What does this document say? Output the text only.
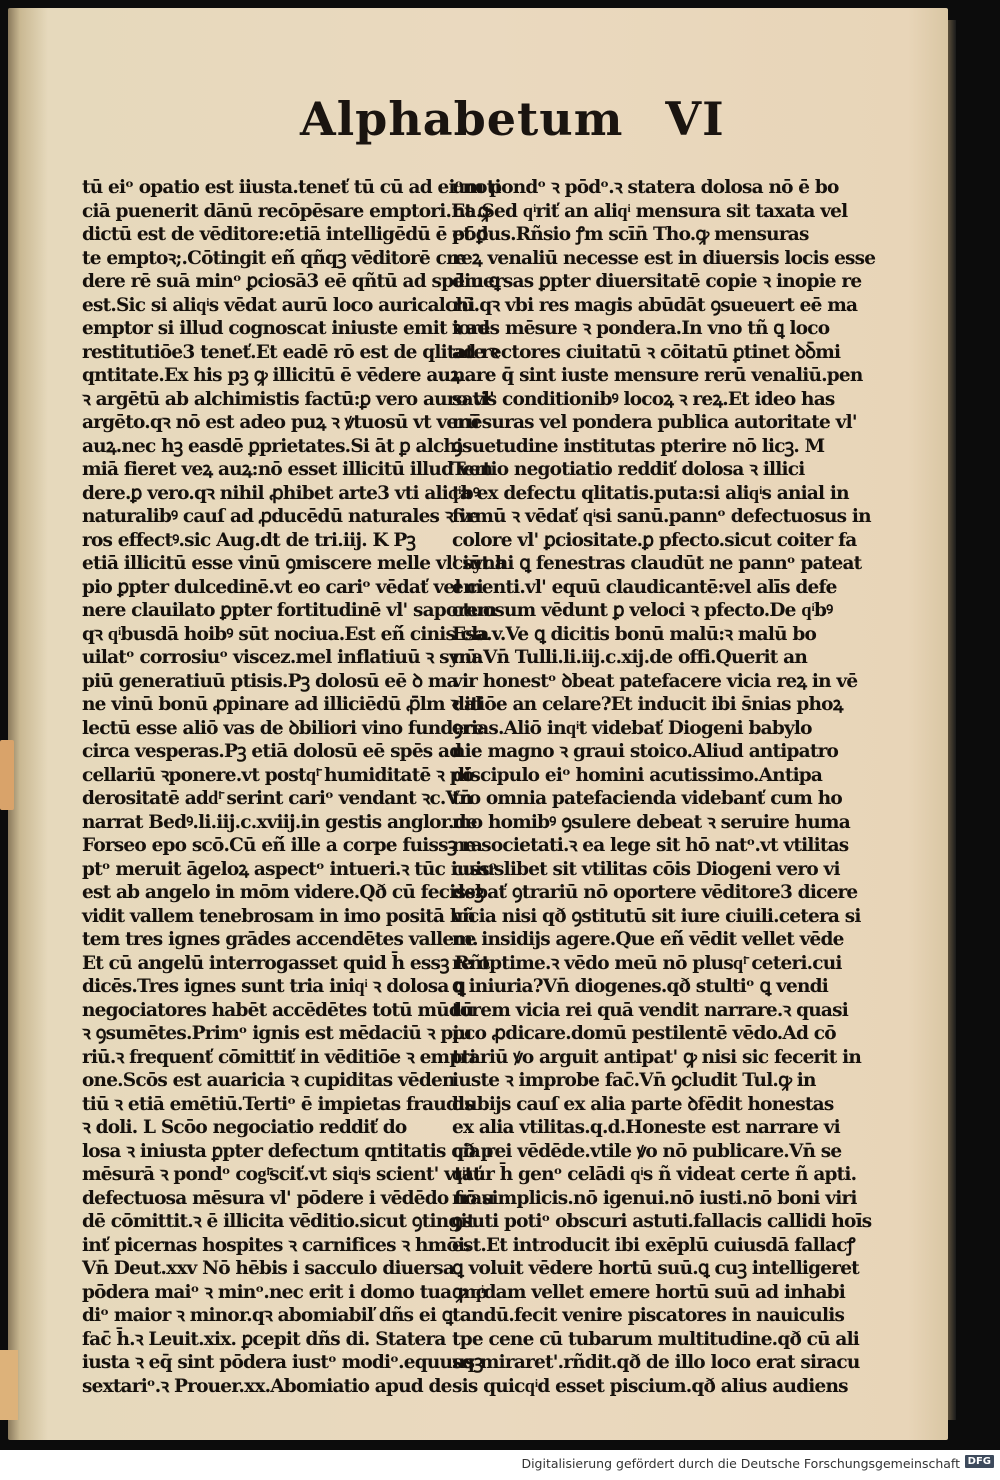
Alphabetum VI
tū eiᵒ opatio est iiusta.teneť tū cū ad eiᵒnoti
ciā puenerit dānū recōpēsare emptori.Et ꝙ
dictū est de vēditore:etiā intelligēdū ē et ꝑ
te emptoꝛ;.Cōtingit eñ́ qñqꝫ vēditorē cre
dere rē suā minᵒ ꝑciosā3 eē qñtū ad spēm ꝗ
est.Sic si aliqͥs vēdat aurū loco auricalchi
emptor si illud cognoscat iniuste emit ꝛ ad
restitutiōe3 teneť.Et eadē rō est de qlitate ꝛ
qntitate.Ex his pꝫ ꝙ illicitū ē vēdere auꝝ
ꝛ argētū ab alchimistis factū:ꝑ vero auro vl'
argēto.qꝛ nō est adeo puꝝ ꝛ ꝟtuosū vt verū
auꝝ.nec hꝫ easdē ꝑprietates.Si āt ꝑ alchi
miā fieret veꝝ auꝝ:nō esset illicitū illud ven
dere.ꝑ vero.qꝛ nihil ꝓhibet arte3 vti aliqͥbꝰ
naturalibꝰ cauſ ad ꝓducēdū naturales ꝛ ve
ros effectꝰ.sic Aug.dt de tri.iij. K Pꝫ
etiā illicitū esse vinū ꝯmiscere melle vl' syna
pio ꝑpter dulcedinē.vt eo cariᵒ vēdať vel ci
nere clauilato ꝑpter fortitudinē vl' saporem
qꝛ qͥbusdā hoibꝰ sūt nociua.Est eñ́ cinis cla
uilatᵒ corrosiuᵒ viscez.mel inflatiuū ꝛ syna
piū generatiuū ptisis.Pꝫ dolosū eē ꝺ ma
ne vinū bonū ꝓpinare ad illiciēdū ꝓ̄lm ꝛ al
lectū esse aliō vas de ꝺbiliori vino fundere
circa vesperas.Pꝫ etiā dolosū eē spēs ad
cellariū ꝛponere.vt postqͥ̄ humiditatē ꝛ pō
derositatē addͥ̄ serint cariᵒ vendant ꝛc.Vn̄
narrat Bedꝰ.li.iij.c.xviij.in gestis anglor.de
Forseo epo scō.Cū eñ́ ille a corpe fuissꝫ ra
ptᵒ meruit āgeloꝝ aspectᵒ intueri.ꝛ tūc iussᵒ
est ab angelo in mōm videre.Qð cū fecissꝫ
vidit vallem tenebrosam in imo positā hñ
tem tres ignes grādes accendētes vallem.
Et cū angelū interrogasset quid h̄ essꝫ Rñt
dicēs.Tres ignes sunt tria iniqͥ ꝛ dolosa ꝗ
negociatores habēt accēdētes totū mūdū
ꝛ ꝯsumētes.Primᵒ ignis est mēdaciū ꝛ piu
riū.ꝛ frequenť cōmittiť in vēditiōe ꝛ empti
one.Scōs est auaricia ꝛ cupiditas vēden
tiū ꝛ etiā emētiū.Tertiᵒ ē impietas fraudis
ꝛ doli. L Scōo negociatio reddiť do
losa ꝛ iniusta ꝑpter defectum qntitatis qð p
mēsurā ꝛ pondᵒ cogͥ̄sciť.vt siqͥs scient' vtať
defectuosa mēsura vl' pōdere i vēdēdo frau
dē cōmittit.ꝛ ē illicita vēditio.sicut ꝯtingit
inť picernas hospites ꝛ carnifices ꝛ hmōi.
Vn̄ Deut.xxv Nō hēbis i sacculo diuersa
pōdera maiᵒ ꝛ minᵒ.nec erit i domo tua mo
diᵒ maior ꝛ minor.qꝛ abomiabiľ dñs ei ꝗ
fac̄ h̄.ꝛ Leuit.xix. ꝑcepit dñs di. Statera
iusta ꝛ eq̄ sint pōdera iustᵒ modiᵒ.equusqꝫ
sextariᵒ.ꝛ Prouer.xx.Abomiatio apud de
um pondᵒ ꝛ pōdᵒ.ꝛ statera dolosa nō ē bo
na.Sed qͥriť an aliqͥ mensura sit taxata vel
pōdus.Rñsio ꝭm scīn̄ Tho.ꝙ mensuras
reꝝ venaliū necesse est in diuersis locis esse
diuersas ꝑpter diuersitatē copie ꝛ inopie re
rū.qꝛ vbi res magis abūdāt ꝯsueuert eē ma
iores mēsure ꝛ pondera.In vno tñ ꝗ loco
ad rectores ciuitatū ꝛ cōitatū ꝑtinet ꝺꝺ̄mi
nare q̄ sint iuste mensure rerū venaliū.pen
satis conditionibꝰ locoꝝ ꝛ reꝝ.Et ideo has
mēsuras vel pondera publica autoritate vl'
ꝯsuetudine institutas pterire nō licꝫ. M
Tertio negotiatio reddiť dolosa ꝛ illici
ta ex defectu qlitatis.puta:si aliqͥs anial in
firmū ꝛ vēdať qͥsi sanū.pannᵒ defectuosus in
colore vl' ꝑciositate.ꝑ pfecto.sicut coiter fa
ciūt hi ꝗ fenestras claudūt ne pannᵒ pateat
ementi.vl' equū claudicantē:vel alīs defe
ctuosum vēdunt ꝑ veloci ꝛ pfecto.De qͥbꝰ
Esa.v.Ve ꝗ dicitis bonū malū:ꝛ malū bo
nū.Vn̄ Tulli.li.iij.c.xij.de offi.Querit an
vir honestᵒ ꝺbeat patefacere vicia reꝝ in vē
ditiōe an celare?Et inducit ibi s̄nias phoꝝ
ꝯrias.Aliō inqͥt videbať Diogeni babylo
nie magno ꝛ graui stoico.Aliud antipatro
discipulo eiᵒ homini acutissimo.Antipa
tro omnia patefacienda videbanť cum ho
mo homibꝰ ꝯsulere debeat ꝛ seruire huma
ne societati.ꝛ ea lege sit hō natᵒ.vt vtilitas
cuiuslibet sit vtilitas cōis Diogeni vero vi
debať ꝯtrariū nō oportere vēditore3 dicere
vicia nisi qð ꝯstitutū sit iure ciuili.cetera si
ne insidijs agere.Que eñ́ vēdit vellet vēde
re optime.ꝛ vēdo meū nō plusqͥ̄ ceteri.cui
ꝗ iniuria?Vn̄ diogenes.qð stultiᵒ ꝗ vendi
torem vicia rei quā vendit narrare.ꝛ quasi
pco ꝓdicare.domū pestilentē vēdo.Ad cō
trariū ꝟo arguit antipat' ꝙ nisi sic fecerit in
iuste ꝛ improbe fac̄.Vn̄ ꝯcludit Tul.ꝙ in
dubijs cauſ ex alia parte ꝺfēdit honestas
ex alia vtilitas.q.d.Honeste est narrare vi
cia rei vēdēde.vtile ꝟo nō publicare.Vn̄ se
qͥtur h̄ genᵒ celādi qͥs ñ videat certe ñ apti.
nō simplicis.nō igenui.nō iusti.nō boni viri
ꝯsuti potiᵒ obscuri astuti.fallacis callidi hoīs
est.Et introducit ibi exēplū cuiusdā fallacꝭ
ꝗ voluit vēdere hortū suū.ꝗ cuꝫ intelligeret
ꝙ qͥdam vellet emere hortū suū ad inhabi
tandū.fecit venire piscatores in nauiculis
tpe cene cū tubarum multitudine.qð cū ali
us miraret'.rñdit.qð de illo loco erat siracu
sis quicqͥd esset piscium.qð alius audiens
Digitalisierung gefördert durch die Deutsche Forschungsgemeinschaft DFG
